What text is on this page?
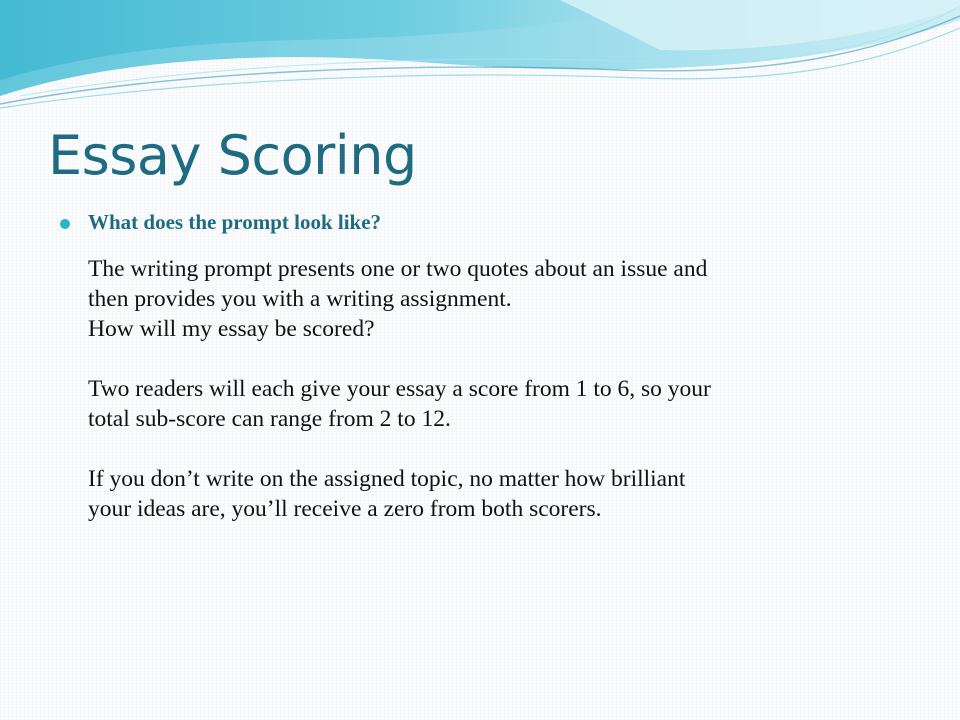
Essay Scoring
What does the prompt look like?

The writing prompt presents one or two quotes about an issue and

then provides you with a writing assignment.

How will my essay be scored?

Two readers will each give your essay a score from 1 to 6, so your

total sub-score can range from 2 to 12.

If you don’t write on the assigned topic, no matter how brilliant

your ideas are, you’ll receive a zero from both scorers.
